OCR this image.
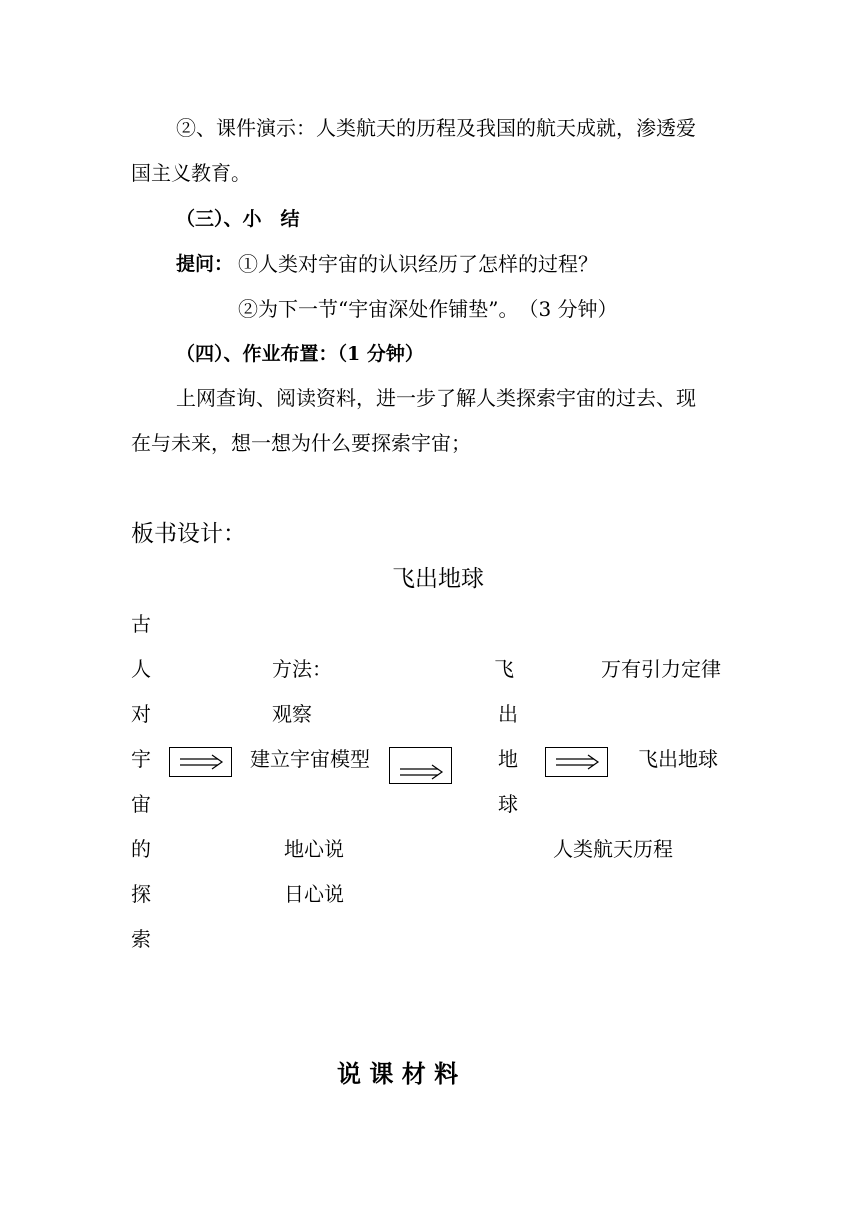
②、课件演示：人类航天的历程及我国的航天成就，渗透爱
国主义教育。
（三）、小　结
提问： ①人类对宇宙的认识经历了怎样的过程？
②为下一节“宇宙深处作铺垫”。　（3 分钟）
（四）、作业布置：（1 分钟）
上网查询、阅读资料，进一步了解人类探索宇宙的过去、现
在与未来，想一想为什么要探索宇宙；
板书设计：
飞出地球
古
人
对
宇
宙
的
探
索
方法：
观察
建立宇宙模型
地心说
日心说
飞
出
地
球
万有引力定律
飞出地球
人类航天历程
说 课 材 料
